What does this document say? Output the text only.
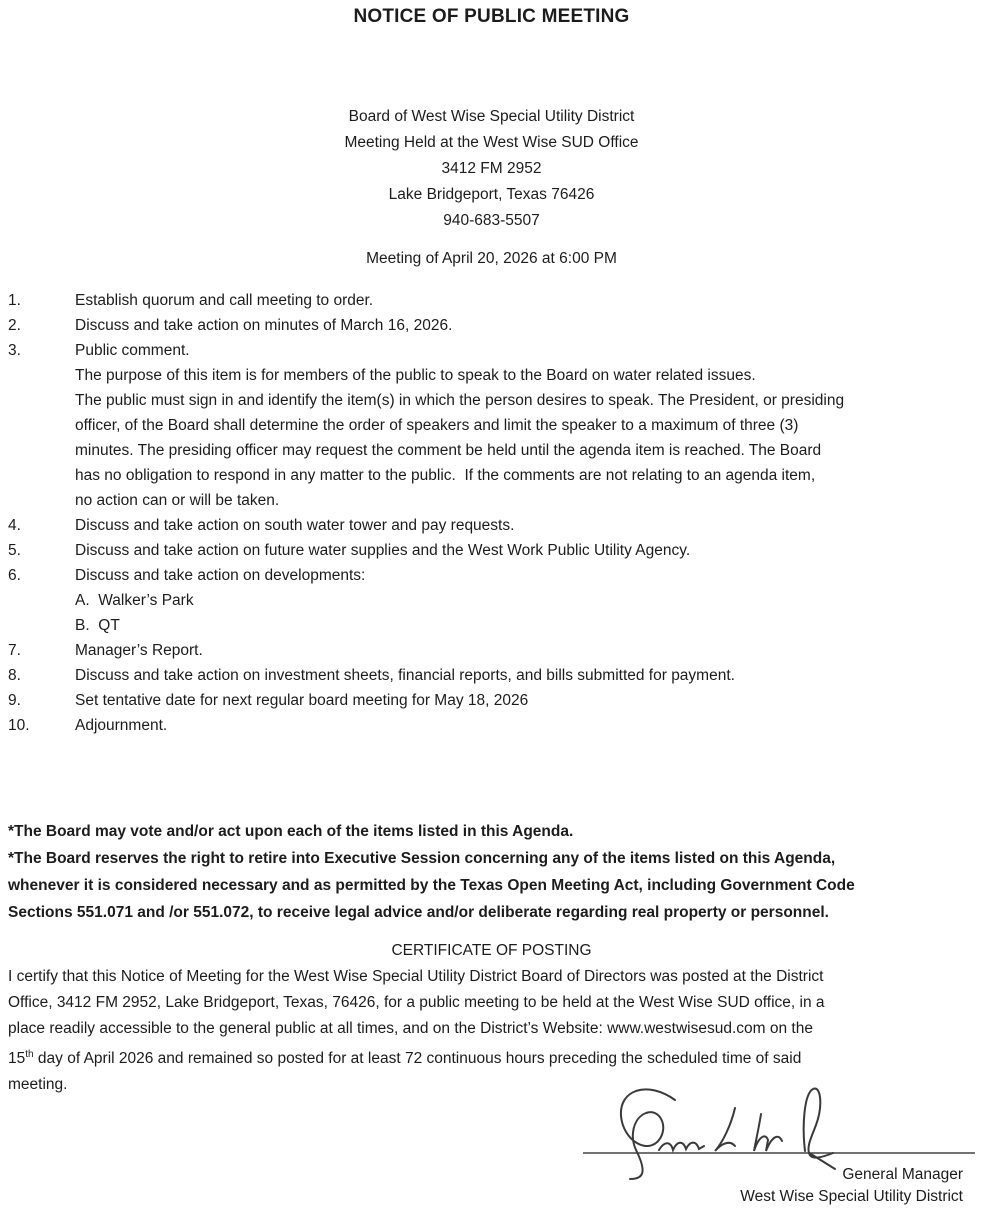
NOTICE OF PUBLIC MEETING
Board of West Wise Special Utility District
Meeting Held at the West Wise SUD Office
3412 FM 2952
Lake Bridgeport, Texas 76426
940-683-5507
Meeting of April 20, 2026 at 6:00 PM
1.	Establish quorum and call meeting to order.
2.	Discuss and take action on minutes of March 16, 2026.
3.	Public comment.
The purpose of this item is for members of the public to speak to the Board on water related issues.
The public must sign in and identify the item(s) in which the person desires to speak. The President, or presiding
officer, of the Board shall determine the order of speakers and limit the speaker to a maximum of three (3)
minutes. The presiding officer may request the comment be held until the agenda item is reached. The Board
has no obligation to respond in any matter to the public.  If the comments are not relating to an agenda item,
no action can or will be taken.
4.	Discuss and take action on south water tower and pay requests.
5.	Discuss and take action on future water supplies and the West Work Public Utility Agency.
6.	Discuss and take action on developments:
A.  Walker’s Park
B.  QT
7.	Manager’s Report.
8.	Discuss and take action on investment sheets, financial reports, and bills submitted for payment.
9.	Set tentative date for next regular board meeting for May 18, 2026
10.	Adjournment.
*The Board may vote and/or act upon each of the items listed in this Agenda.
*The Board reserves the right to retire into Executive Session concerning any of the items listed on this Agenda,
whenever it is considered necessary and as permitted by the Texas Open Meeting Act, including Government Code
Sections 551.071 and /or 551.072, to receive legal advice and/or deliberate regarding real property or personnel.
CERTIFICATE OF POSTING
I certify that this Notice of Meeting for the West Wise Special Utility District Board of Directors was posted at the District
Office, 3412 FM 2952, Lake Bridgeport, Texas, 76426, for a public meeting to be held at the West Wise SUD office, in a
place readily accessible to the general public at all times, and on the District’s Website: www.westwisesud.com on the
15th day of April 2026 and remained so posted for at least 72 continuous hours preceding the scheduled time of said
meeting.
General Manager
West Wise Special Utility District
